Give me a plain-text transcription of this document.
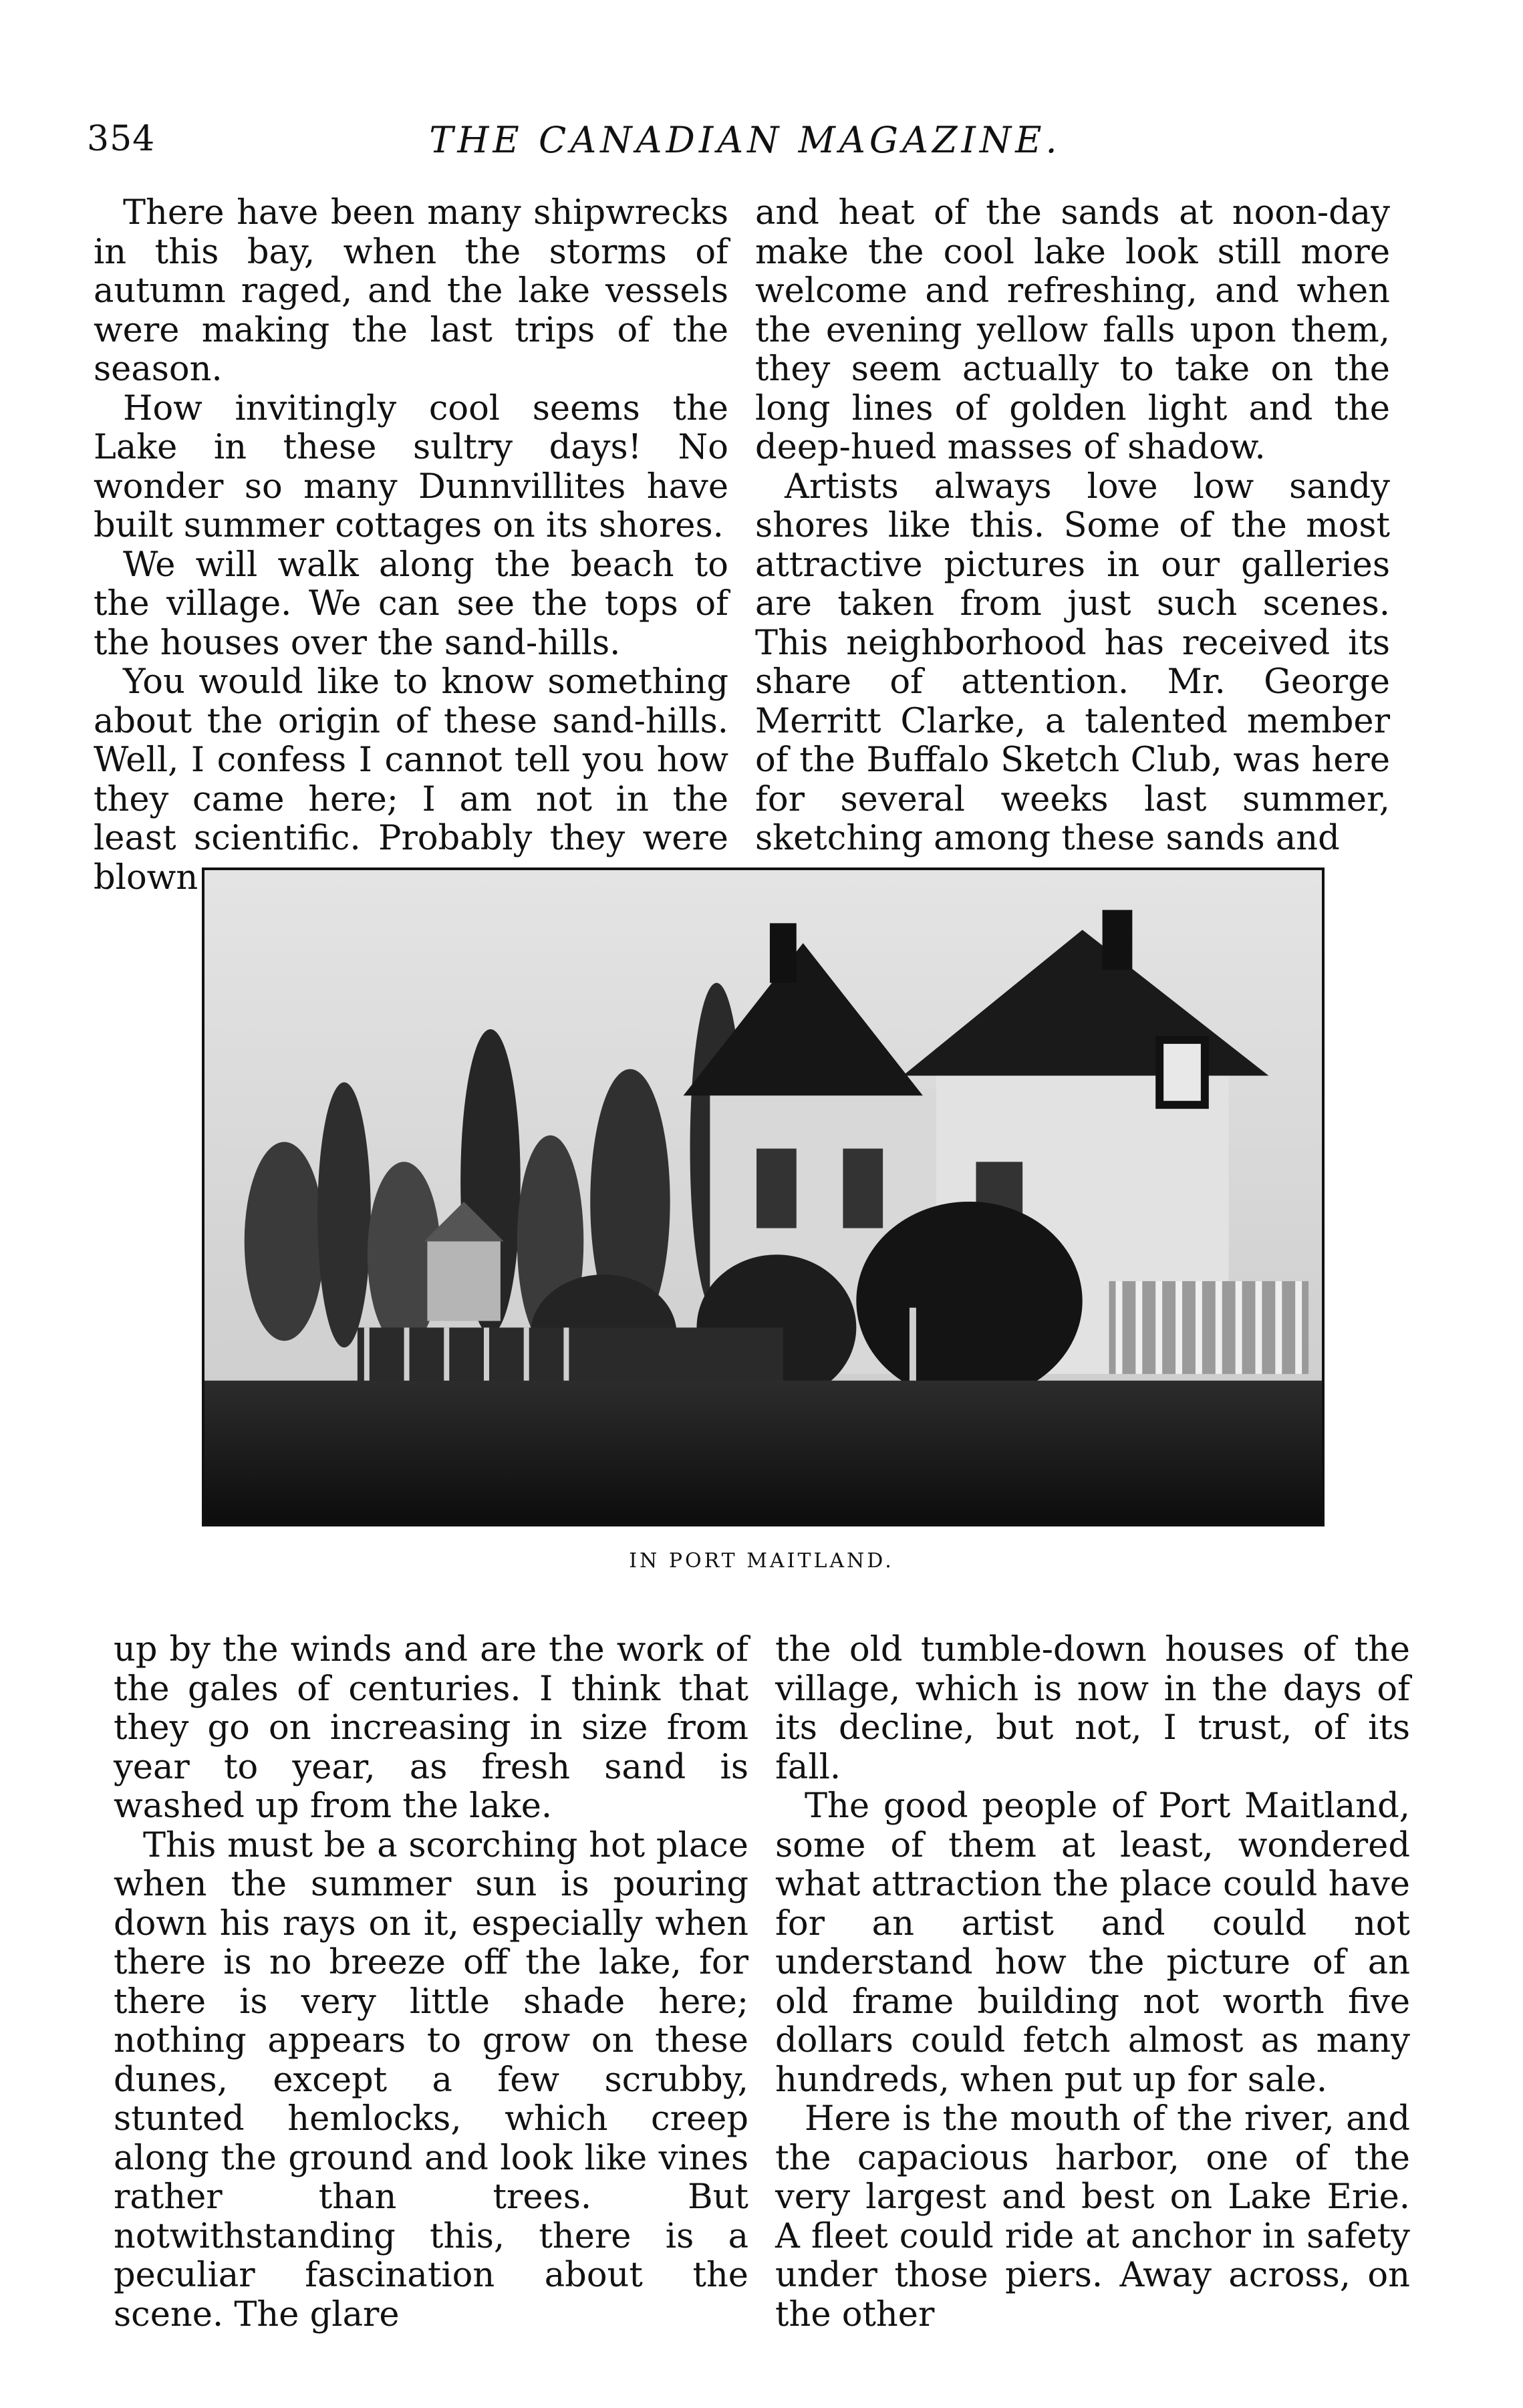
354	THE CANADIAN MAGAZINE.

There have been many shipwrecks in this bay, when the storms of autumn raged, and the lake vessels were making the last trips of the season.

How invitingly cool seems the Lake in these sultry days! No wonder so many Dunnvillites have built summer cottages on its shores.

We will walk along the beach to the village. We can see the tops of the houses over the sand-hills.

You would like to know something about the origin of these sand-hills. Well, I confess I cannot tell you how they came here; I am not in the least scientific. Probably they were blown

and heat of the sands at noon-day make the cool lake look still more welcome and refreshing, and when the evening yellow falls upon them, they seem actually to take on the long lines of golden light and the deep-hued masses of shadow.

Artists always love low sandy shores like this. Some of the most attractive pictures in our galleries are taken from just such scenes. This neighborhood has received its share of attention. Mr. George Merritt Clarke, a talented member of the Buffalo Sketch Club, was here for several weeks last summer, sketching among these sands and

IN PORT MAITLAND.

up by the winds and are the work of the gales of centuries. I think that they go on increasing in size from year to year, as fresh sand is washed up from the lake.

This must be a scorching hot place when the summer sun is pouring down his rays on it, especially when there is no breeze off the lake, for there is very little shade here; nothing appears to grow on these dunes, except a few scrubby, stunted hemlocks, which creep along the ground and look like vines rather than trees. But notwithstanding this, there is a peculiar fascination about the scene. The glare

the old tumble-down houses of the village, which is now in the days of its decline, but not, I trust, of its fall.

The good people of Port Maitland, some of them at least, wondered what attraction the place could have for an artist and could not understand how the picture of an old frame building not worth five dollars could fetch almost as many hundreds, when put up for sale.

Here is the mouth of the river, and the capacious harbor, one of the very largest and best on Lake Erie. A fleet could ride at anchor in safety under those piers. Away across, on the other
